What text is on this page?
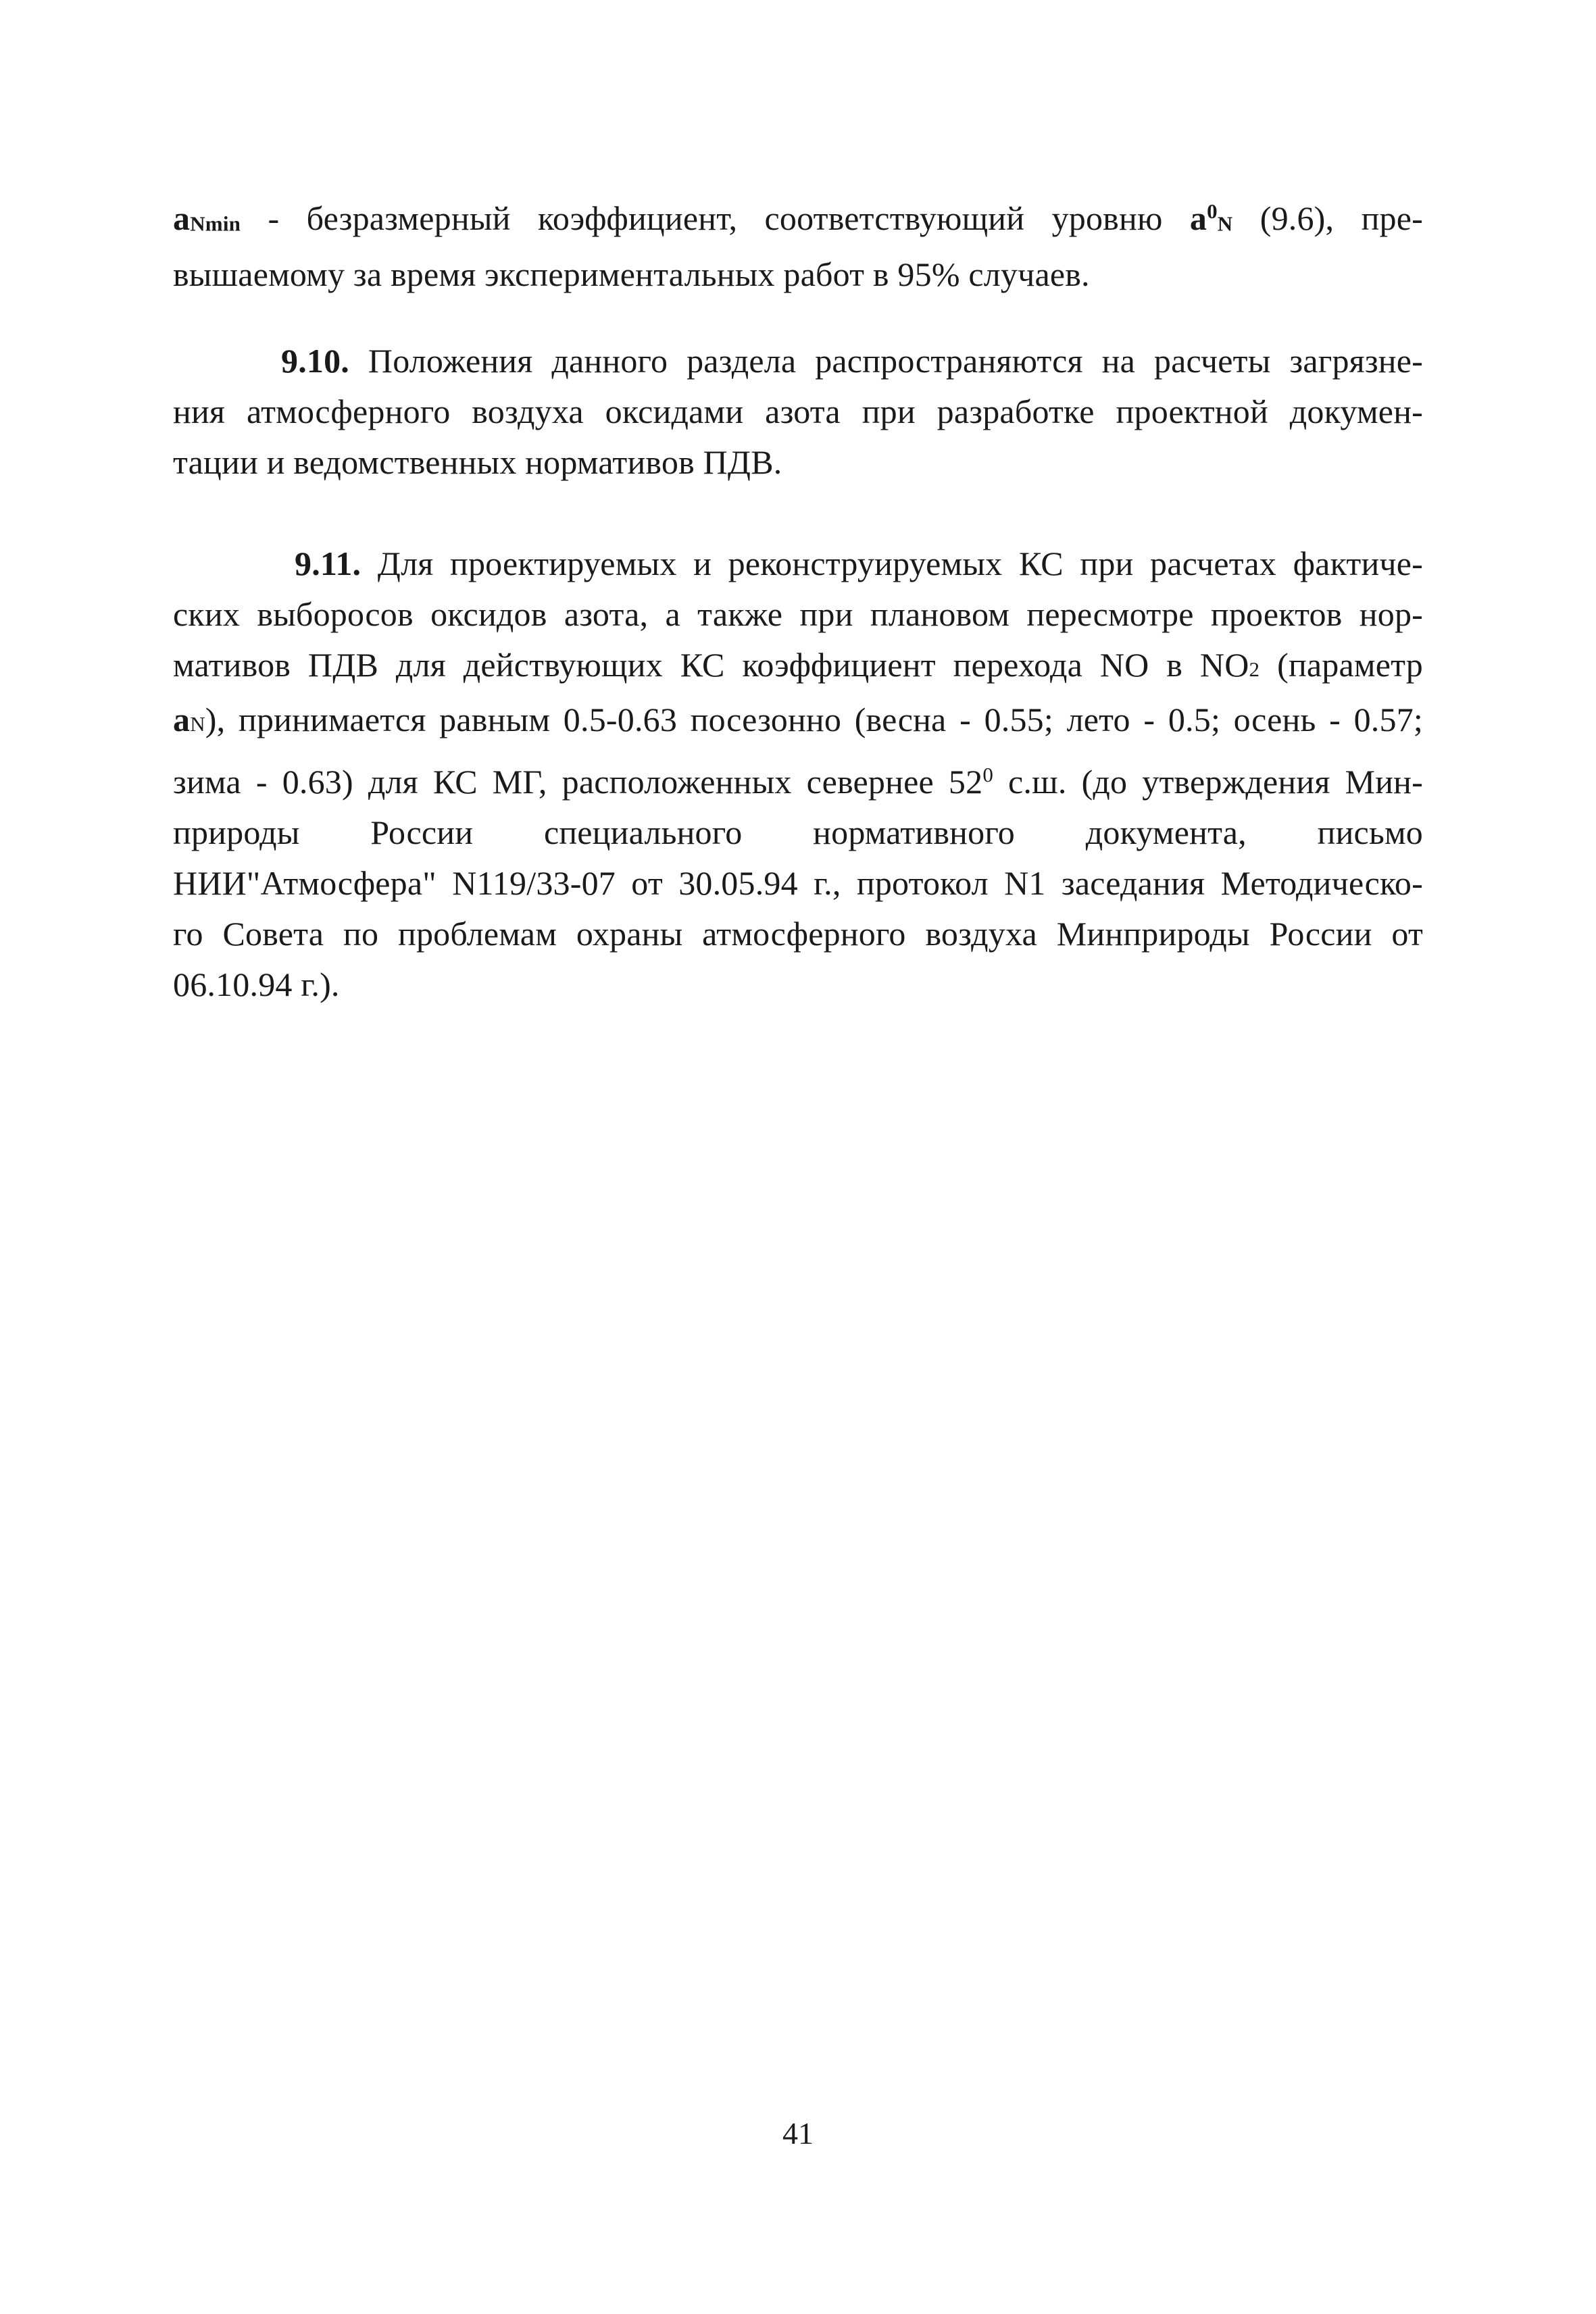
aNmin - безразмерный коэффициент, соответствующий уровню $a^0N$ (9.6), пре-
вышаемому за время экспериментальных работ в 95% случаев.
9.10. Положения данного раздела распространяются на расчеты загрязне-
ния атмосферного воздуха оксидами азота при разработке проектной докумен-
тации и ведомственных нормативов ПДВ.
9.11. Для проектируемых и реконструируемых КС при расчетах фактиче-
ских выборосов оксидов азота, а также при плановом пересмотре проектов нор-
мативов ПДВ для действующих КС коэффициент перехода NO в NO2 (параметр
aN), принимается равным 0.5-0.63 посезонно (весна - 0.55; лето - 0.5; осень - 0.57;
зима - 0.63) для КС МГ, расположенных севернее $52^0$ с.ш. (до утверждения Мин-
природы      России      специального      нормативного      документа,      письмо
НИИ"Атмосфера" N119/33-07 от 30.05.94 г., протокол N1 заседания Методическо-
го Совета по проблемам охраны атмосферного воздуха Минприроды России от
06.10.94 г.).
41
